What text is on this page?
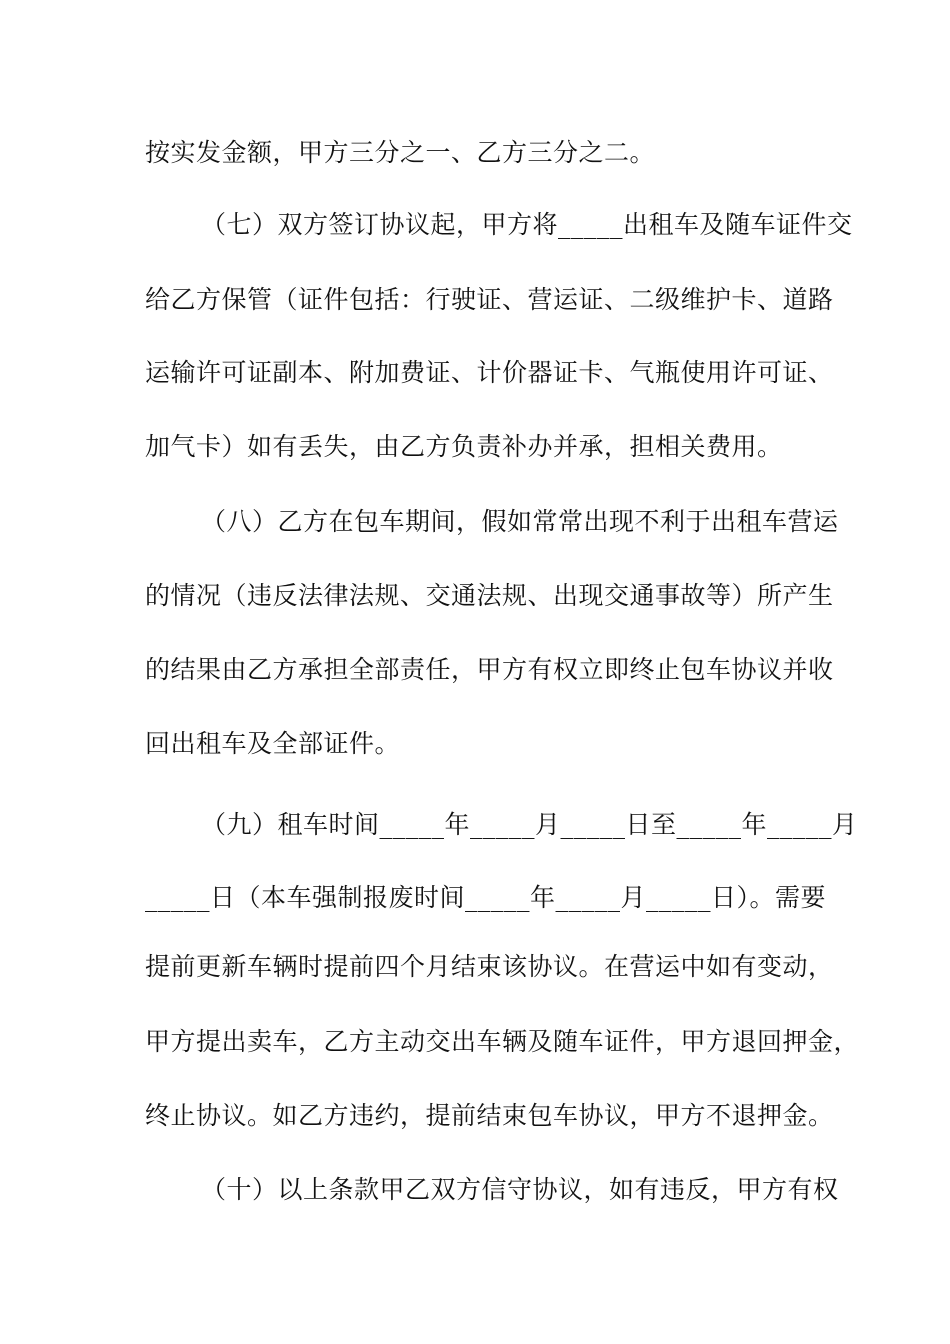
按实发金额，甲方三分之一、乙方三分之二。

（七）双方签订协议起，甲方将_____出租车及随车证件交

给乙方保管（证件包括：行驶证、营运证、二级维护卡、道路

运输许可证副本、附加费证、计价器证卡、气瓶使用许可证、

加气卡）如有丢失，由乙方负责补办并承，担相关费用。

（八）乙方在包车期间，假如常常出现不利于出租车营运

的情况（违反法律法规、交通法规、出现交通事故等）所产生

的结果由乙方承担全部责任，甲方有权立即终止包车协议并收

回出租车及全部证件。

（九）租车时间_____年_____月_____日至_____年_____月

_____日（本车强制报废时间_____年_____月_____日）。需要

提前更新车辆时提前四个月结束该协议。在营运中如有变动，

甲方提出卖车，乙方主动交出车辆及随车证件，甲方退回押金，

终止协议。如乙方违约，提前结束包车协议，甲方不退押金。

（十）以上条款甲乙双方信守协议，如有违反，甲方有权
